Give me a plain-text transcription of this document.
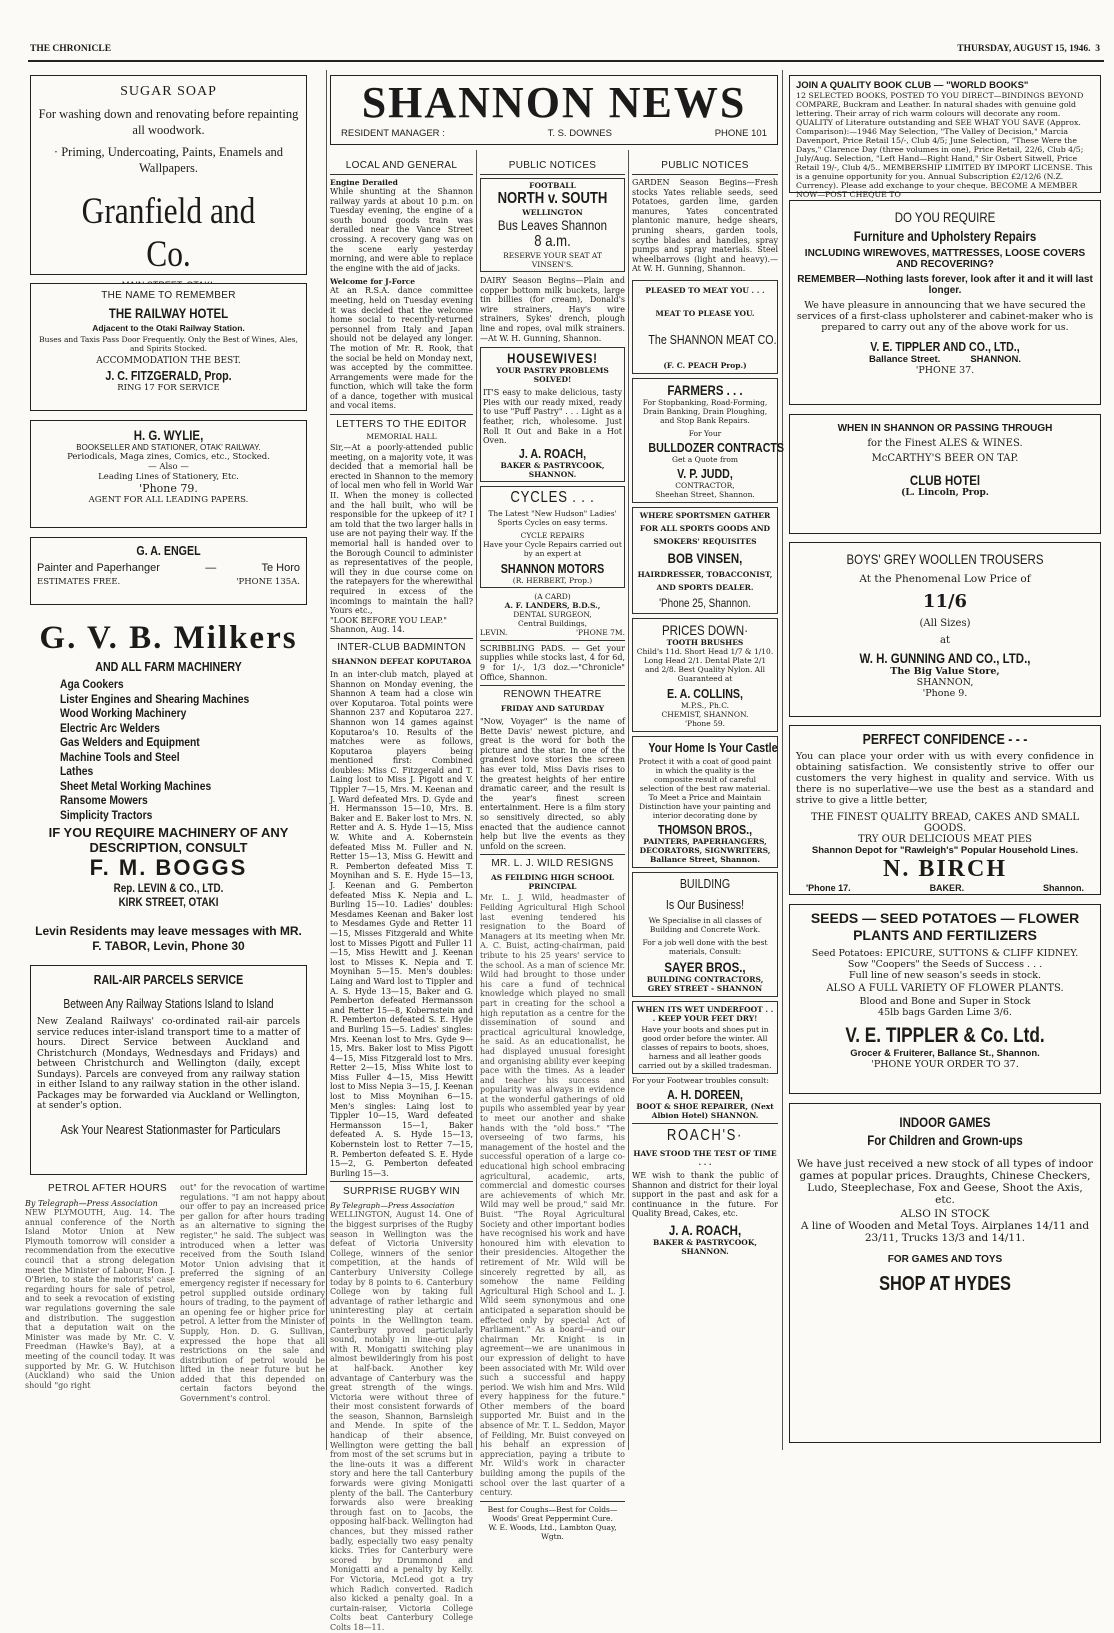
THE CHRONICLE	THURSDAY, AUGUST 15, 1946. 3
SUGAR SOAP
For washing down and renovating before repainting all woodwork.
· Priming, Undercoating, Paints, Enamels and Wallpapers.
Granfield and Co.
THE NAME TO REMEMBER
THE RAILWAY HOTEL
Adjacent to the Otaki Railway Station.
Buses and Taxis Pass Door Frequently. Only the Best of Wines, Ales, and Spirits Stocked.
ACCOMMODATION THE BEST.
J. C. FITZGERALD, Prop.
RING 17 FOR SERVICE
H. G. WYLIE,
BOOKSELLER AND STATIONER, OTAK' RAILWAY.
Periodicals, Maga zines, Comics, etc., Stocked.
— Also —
Leading Lines of Stationery, Etc.
'Phone 79.
AGENT FOR ALL LEADING PAPERS.
G. A. ENGEL
Painter and Paperhanger	—	Te Horo
ESTIMATES FREE.	'PHONE 135A.
G. V. B. Milkers
AND ALL FARM MACHINERY
Aga Cookers
Lister Engines and Shearing Machines
Wood Working Machinery
Electric Arc Welders
Gas Welders and Equipment
Machine Tools and Steel
Lathes
Sheet Metal Working Machines
Ransome Mowers
Simplicity Tractors
IF YOU REQUIRE MACHINERY OF ANY DESCRIPTION, CONSULT
F. M. BOGGS
Rep. LEVIN & CO., LTD.
KIRK STREET, OTAKI
Levin Residents may leave messages with MR. F. TABOR, Levin, Phone 30
RAIL-AIR PARCELS SERVICE
Between Any Railway Stations Island to Island
New Zealand Railways' co-ordinated rail-air parcels service reduces inter-island transport time to a matter of hours. Direct Service between Auckland and Christchurch (Mondays, Wednesdays and Fridays) and between Christchurch and Wellington (daily, except Sundays). Parcels are conveyed from any railway station in either Island to any railway station in the other island. Packages may be forwarded via Auckland or Wellington, at sender's option.
Ask Your Nearest Stationmaster for Particulars
PETROL AFTER HOURS
By Telegraph—Press Association
NEW PLYMOUTH, Aug. 14. The annual conference of the North Island Motor Union at New Plymouth tomorrow will consider a recommendation from the executive council that a strong delegation meet the Minister of Labour, Hon. J. O'Brien, to state the motorists' case regarding hours for sale of petrol, and to seek a revocation of existing war regulations governing the sale and distribution. The suggestion that a deputation wait on the Minister was made by Mr. C. V. Freedman (Hawke's Bay), at a meeting of the council today. It was supported by Mr. G. W. Hutchison (Auckland) who said the Union should "go right
out" for the revocation of wartime regulations. "I am not happy about our offer to pay an increased price per gallon for after hours trading as an alternative to signing the register," he said. The subject was introduced when a letter was received from the South Island Motor Union advising that it preferred the signing of an emergency register if necessary for petrol supplied outside ordinary hours of trading, to the payment of an opening fee or higher price for petrol. A letter from the Minister of Supply, Hon. D. G. Sullivan, expressed the hope that all restrictions on the sale and distribution of petrol would be lifted in the near future but he added that this depended on certain factors beyond the Government's control.
SHANNON NEWS
RESIDENT MANAGER :	T. S. DOWNES	PHONE 101
LOCAL AND GENERAL
Engine Derailed
While shunting at the Shannon railway yards at about 10 p.m. on Tuesday evening, the engine of a south bound goods train was derailed near the Vance Street crossing. A recovery gang was on the scene early yesterday morning, and were able to replace the engine with the aid of jacks.
Welcome for J-Force
At an R.S.A. dance committee meeting, held on Tuesday evening it was decided that the welcome home social to recently-returned personnel from Italy and Japan should not be delayed any longer. The motion of Mr. R. Rook, that the social be held on Monday next, was accepted by the committee. Arrangements were made for the function, which will take the form of a dance, together with musical and vocal items.
LETTERS TO THE EDITOR
MEMORIAL HALL
Sir,—At a poorly-attended public meeting, on a majority vote, it was decided that a memorial hall be erected in Shannon to the memory of local men who fell in World War II. When the money is collected and the hall built, who will be responsible for the upkeep of it? I am told that the two larger halls in use are not paying their way. If the memorial hall is handed over to the Borough Council to administer as representatives of the people, will they in due course come on the ratepayers for the wherewithal required in excess of the incomings to maintain the hall? Yours etc.,
"LOOK BEFORE YOU LEAP."
Shannon, Aug. 14.
INTER-CLUB BADMINTON
SHANNON DEFEAT KOPUTAROA
In an inter-club match, played at Shannon on Monday evening, the Shannon A team had a close win over Koputaroa. Total points were Shannon 237 and Koputaroa 227. Shannon won 14 games against Koputaroa's 10. Results of the matches were as follows, Koputaroa players being mentioned first: Combined doubles: Miss C. Fitzgerald and T. Laing lost to Miss J. Pigott and V. Tippler 7—15, Mrs. M. Keenan and J. Ward defeated Mrs. D. Gyde and H. Hermansson 15—10, Mrs. B. Baker and E. Baker lost to Mrs. N. Retter and A. S. Hyde 1—15, Miss W. White and A. Kobernstein defeated Miss M. Fuller and N. Retter 15—13, Miss G. Hewitt and R. Pemberton defeated Miss T. Moynihan and S. E. Hyde 15—13, J. Keenan and G. Pemberton defeated Miss K. Nepia and L. Burling 15—10. Ladies' doubles: Mesdames Keenan and Baker lost to Mesdames Gyde and Retter 11—15, Misses Fitzgerald and White lost to Misses Pigott and Fuller 11—15, Miss Hewitt and J. Keenan lost to Misses K. Nepia and T. Moynihan 5—15. Men's doubles: Laing and Ward lost to Tippler and A. S. Hyde 13—15, Baker and G. Pemberton defeated Hermansson and Retter 15—8, Kobernstein and R. Pemberton defeated S. E. Hyde and Burling 15—5. Ladies' singles: Mrs. Keenan lost to Mrs. Gyde 9—15, Mrs. Baker lost to Miss Pigott 4—15, Miss Fitzgerald lost to Mrs. Retter 2—15, Miss White lost to Miss Fuller 4—15, Miss Hewitt lost to Miss Nepia 3—15, J. Keenan lost to Miss Moynihan 6—15. Men's singles: Laing lost to Tippler 10—15, Ward defeated Hermansson 15—1, Baker defeated A. S. Hyde 15—13, Kobernstein lost to Retter 7—15, R. Pemberton defeated S. E. Hyde 15—2, G. Pemberton defeated Burling 15—3.
SURPRISE RUGBY WIN
By Telegraph—Press Association
WELLINGTON, August 14. One of the biggest surprises of the Rugby season in Wellington was the defeat of Victoria University College, winners of the senior competition, at the hands of Canterbury University College today by 8 points to 6. Canterbury College won by taking full advantage of rather lethargic and uninteresting play at certain points in the Wellington team. Canterbury proved particularly sound, notably in line-out play with R. Monigatti switching play almost bewilderingly from his post at half-back. Another key advantage of Canterbury was the great strength of the wings. Victoria were without three of their most consistent forwards of the season, Shannon, Barnsleigh and Mende. In spite of the handicap of their absence, Wellington were getting the ball from most of the set scrums but in the line-outs it was a different story and here the tall Canterbury forwards were giving Monigatti plenty of the ball. The Canterbury forwards also were breaking through fast on to Jacobs, the opposing half-back. Wellington had chances, but they missed rather badly, especially two easy penalty kicks. Tries for Canterbury were scored by Drummond and Monigatti and a penalty by Kelly. For Victoria, McLeod got a try which Radich converted. Radich also kicked a penalty goal. In a curtain-raiser, Victoria College Colts beat Canterbury College Colts 18—11.
PUBLIC NOTICES
FOOTBALL
NORTH v. SOUTH
WELLINGTON
Bus Leaves Shannon
8 a.m.
RESERVE YOUR SEAT AT VINSEN'S.
DAIRY Season Begins—Plain and copper bottom milk buckets, large tin billies (for cream), Donald's wire strainers, Hay's wire strainers, Sykes' drench, plough line and ropes, oval milk strainers. —At W. H. Gunning, Shannon.
HOUSEWIVES!
YOUR PASTRY PROBLEMS SOLVED!
IT'S easy to make delicious, tasty Pies with our ready mixed, ready to use "Puff Pastry" . . . Light as a feather, rich, wholesome. Just Roll It Out and Bake in a Hot Oven.
J. A. ROACH,
BAKER & PASTRYCOOK, SHANNON.
CYCLES . . .
The Latest "New Hudson" Ladies' Sports Cycles on easy terms.
CYCLE REPAIRS
Have your Cycle Repairs carried out by an expert at
SHANNON MOTORS
(R. HERBERT, Prop.)
(A CARD)
A. F. LANDERS, B.D.S.,
DENTAL SURGEON,
Central Buildings,
LEVIN.	'PHONE 7M.
SCRIBBLING PADS. — Get your supplies while stocks last, 4 for 6d, 9 for 1/-, 1/3 doz.—"Chronicle" Office, Shannon.
RENOWN THEATRE
FRIDAY AND SATURDAY
"Now, Voyager" is the name of Bette Davis' newest picture, and great is the word for both the picture and the star. In one of the grandest love stories the screen has ever told, Miss Davis rises to the greatest heights of her entire dramatic career, and the result is the year's finest screen entertainment. Here is a film story so sensitively directed, so ably enacted that the audience cannot help but live the events as they unfold on the screen.
MR. L. J. WILD RESIGNS
AS FEILDING HIGH SCHOOL PRINCIPAL
Mr. L. J. Wild, headmaster of Feilding Agricultural High School last evening tendered his resignation to the Board of Managers at its meeting when Mr. A. C. Buist, acting-chairman, paid tribute to his 25 years' service to the school. As a man of science Mr. Wild had brought to those under his care a fund of technical knowledge which played no small part in creating for the school a high reputation as a centre for the dissemination of sound and practical agricultural knowledge, he said. As an educationalist, he had displayed unusual foresight and organising ability ever keeping pace with the times. As a leader and teacher his success and popularity was always in evidence at the wonderful gatherings of old pupils who assembled year by year to meet our another and shake hands with the "old boss." "The overseeing of two farms, his management of the hostel and the successful operation of a large co-educational high school embracing agricultural, academic, arts, commercial and domestic courses are achievements of which Mr. Wild may well be proud," said Mr. Buist. "The Royal Agricultural Society and other important bodies have recognised his work and have honoured him with elevation to their presidencies. Altogether the retirement of Mr. Wild will be sincerely regretted by all, as somehow the name Feilding Agricultural High School and L. J. Wild seem synonymous and one anticipated a separation should be effected only by special Act of Parliament." As a board—and our chairman Mr. Knight is in agreement—we are unanimous in our expression of delight to have been associated with Mr. Wild over such a successful and happy period. We wish him and Mrs. Wild every happiness for the future." Other members of the board supported Mr. Buist and in the absence of Mr. T. L. Seddon, Mayor of Feilding, Mr. Buist conveyed on his behalf an expression of appreciation, paying a tribute to Mr. Wild's work in character building among the pupils of the school over the last quarter of a century.
Best for Coughs—Best for Colds— Woods' Great Peppermint Cure.
W. E. Woods, Ltd., Lambton Quay, Wgtn.
PUBLIC NOTICES
GARDEN Season Begins—Fresh stocks Yates reliable seeds, seed Potatoes, garden lime, garden manures, Yates concentrated plantonic manure, hedge shears, pruning shears, garden tools, scythe blades and handles, spray pumps and spray materials. Steel wheelbarrows (light and heavy).—At W. H. Gunning, Shannon.
PLEASED TO MEAT YOU . . .
MEAT TO PLEASE YOU.
The SHANNON MEAT CO.
(F. C. PEACH Prop.)
FARMERS . . .
For Stopbanking, Road-Forming, Drain Banking, Drain Ploughing, and Stop Bank Repairs.
For Your
BULLDOZER CONTRACTS
Get a Quote from
V. P. JUDD,
CONTRACTOR,
Sheehan Street, Shannon.
WHERE SPORTSMEN GATHER
FOR ALL SPORTS GOODS AND
SMOKERS' REQUISITES
BOB VINSEN,
HAIRDRESSER, TOBACCONIST,
AND SPORTS DEALER.
'Phone 25, Shannon.
PRICES DOWN·
TOOTH BRUSHES
Child's 11d. Short Head 1/7 & 1/10. Long Head 2/1. Dental Plate 2/1 and 2/8. Best Quality Nylon. All Guaranteed at
E. A. COLLINS,
M.P.S., Ph.C.
CHEMIST, SHANNON.
'Phone 59.
Your Home Is Your Castle
Protect it with a coat of good paint in which the quality is the composite result of careful selection of the best raw material. To Meet a Price and Maintain Distinction have your painting and interior decorating done by
THOMSON BROS.,
PAINTERS, PAPERHANGERS, DECORATORS, SIGNWRITERS, Ballance Street, Shannon.
BUILDING
Is Our Business!
We Specialise in all classes of Building and Concrete Work.
For a job well done with the best materials, Consult:
SAYER BROS.,
BUILDING CONTRACTORS, GREY STREET - SHANNON
WHEN ITS WET UNDERFOOT . . . KEEP YOUR FEET DRY!
Have your boots and shoes put in good order before the winter. All classes of repairs to boots, shoes, harness and all leather goods carried out by a skilled tradesman.
For your Footwear troubles consult:
A. H. DOREEN,
BOOT & SHOE REPAIRER, (Next Albion Hotel) SHANNON.
ROACH'S·
HAVE STOOD THE TEST OF TIME . . .
WE wish to thank the public of Shannon and district for their loyal support in the past and ask for a continuance in the future. For Quality Bread, Cakes, etc.
J. A. ROACH,
BAKER & PASTRYCOOK, SHANNON.
JOIN A QUALITY BOOK CLUB — "WORLD BOOKS"
12 SELECTED BOOKS, POSTED TO YOU DIRECT—BINDINGS BEYOND COMPARE, Buckram and Leather. In natural shades with genuine gold lettering. Their array of rich warm colours will decorate any room. QUALITY of Literature outstanding and SEE WHAT YOU SAVE (Approx. Comparison):—1946 May Selection, "The Valley of Decision," Marcia Davenport, Price Retail 15/-, Club 4/5; June Selection, "These Were the Days," Clarence Day (three volumes in one), Price Retail, 22/6, Club 4/5; July/Aug. Selection, "Left Hand—Right Hand," Sir Osbert Sitwell, Price Retail 19/-, Club 4/5.. MEMBERSHIP LIMITED BY IMPORT LICENSE. This is a genuine opportunity for you. Annual Subscription £2/12/6 (N.Z. Currency). Please add exchange to your cheque. BECOME A MEMBER NOW—POST CHEQUE TO
DO YOU REQUIRE
Furniture and Upholstery Repairs
INCLUDING WIREWOVES, MATTRESSES, LOOSE COVERS AND RECOVERING?
REMEMBER—Nothing lasts forever, look after it and it will last longer.
We have pleasure in announcing that we have secured the services of a first-class upholsterer and cabinet-maker who is prepared to carry out any of the above work for us.
V. E. TIPPLER AND CO., LTD.,
Ballance Street.	SHANNON.
'PHONE 37.
WHEN IN SHANNON OR PASSING THROUGH
for the Finest ALES & WINES.
McCARTHY'S BEER ON TAP.
CLUB HOTEl
(L. Lincoln, Prop.
BOYS' GREY WOOLLEN TROUSERS
At the Phenomenal Low Price of
11/6
(All Sizes)
at
W. H. GUNNING AND CO., LTD.,
The Big Value Store,
SHANNON,
'Phone 9.
PERFECT CONFIDENCE - - -
You can place your order with us with every confidence in obtaining satisfaction. We consistently strive to offer our customers the very highest in quality and service. With us there is no superlative—we use the best as a standard and strive to give a little better,
THE FINEST QUALITY BREAD, CAKES AND SMALL GOODS.
TRY OUR DELICIOUS MEAT PIES
Shannon Depot for "Rawleigh's" Popular Household Lines.
N. BIRCH
'Phone 17.	BAKER.	Shannon.
SEEDS — SEED POTATOES — FLOWER PLANTS AND FERTILIZERS
Seed Potatoes: EPICURE, SUTTONS & CLIFF KIDNEY.
Sow "Coopers" the Seeds of Success . . .
Full line of new season's seeds in stock.
ALSO A FULL VARIETY OF FLOWER PLANTS.
Blood and Bone and Super in Stock
45lb bags Garden Lime 3/6.
V. E. TIPPLER & Co. Ltd.
Grocer & Fruiterer, Ballance St., Shannon.
'PHONE YOUR ORDER TO 37.
INDOOR GAMES
For Children and Grown-ups
We have just received a new stock of all types of indoor games at popular prices. Draughts, Chinese Checkers, Ludo, Steeplechase, Fox and Geese, Shoot the Axis, etc.
ALSO IN STOCK
A line of Wooden and Metal Toys. Airplanes 14/11 and 23/11, Trucks 13/3 and 14/11.
FOR GAMES AND TOYS
SHOP AT HYDES
